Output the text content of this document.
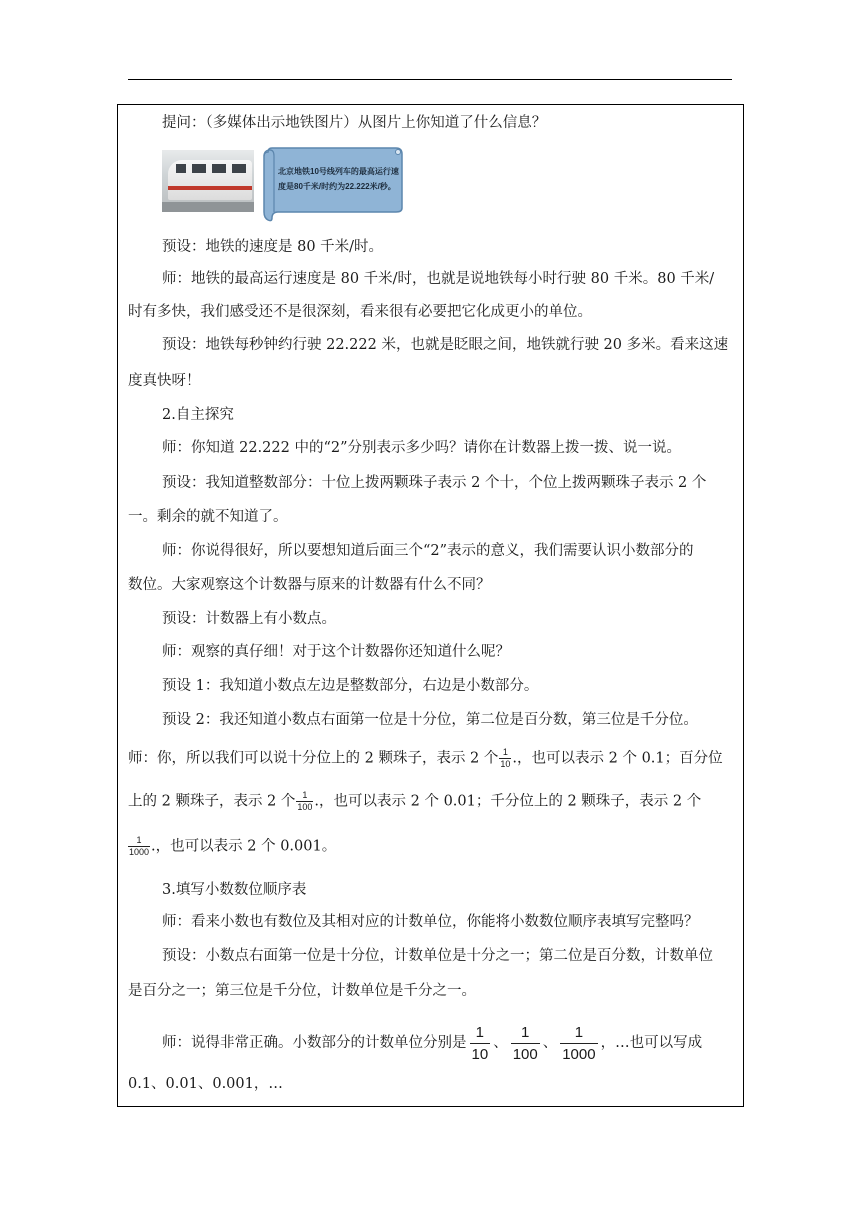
提问：（多媒体出示地铁图片）从图片上你知道了什么信息？
北京地铁10号线列车的最高运行速度是80千米/时约为22.222米/秒。
预设：地铁的速度是 80 千米/时。
师：地铁的最高运行速度是 80 千米/时，也就是说地铁每小时行驶 80 千米。80 千米/
时有多快，我们感受还不是很深刻，看来很有必要把它化成更小的单位。
预设：地铁每秒钟约行驶 22.222 米，也就是眨眼之间，地铁就行驶 20 多米。看来这速
度真快呀！
2.自主探究
师：你知道 22.222 中的“2”分别表示多少吗？请你在计数器上拨一拨、说一说。
预设：我知道整数部分：十位上拨两颗珠子表示 2 个十，个位上拨两颗珠子表示 2 个
一。剩余的就不知道了。
师：你说得很好，所以要想知道后面三个“2”表示的意义，我们需要认识小数部分的
数位。大家观察这个计数器与原来的计数器有什么不同？
预设：计数器上有小数点。
师：观察的真仔细！对于这个计数器你还知道什么呢？
预设 1：我知道小数点左边是整数部分，右边是小数部分。
预设 2：我还知道小数点右面第一位是十分位，第二位是百分数，第三位是千分位。
师：你，所以我们可以说十分位上的 2 颗珠子，表示 2 个 $\frac{1}{10}$ .，也可以表示 2 个 0.1；百分位
上的 2 颗珠子，表示 2 个 $\frac{1}{100}$ .，也可以表示 2 个 0.01；千分位上的 2 颗珠子，表示 2 个
$\frac{1}{1000}$ .，也可以表示 2 个 0.001。
3.填写小数数位顺序表
师：看来小数也有数位及其相对应的计数单位，你能将小数数位顺序表填写完整吗？
预设：小数点右面第一位是十分位，计数单位是十分之一；第二位是百分数，计数单位
是百分之一；第三位是千分位，计数单位是千分之一。
师：说得非常正确。小数部分的计数单位分别是 $\frac{1}{10}$ 、 $\frac{1}{100}$ 、 $\frac{1}{1000}$ ，…也可以写成
0.1、0.01、0.001，…
